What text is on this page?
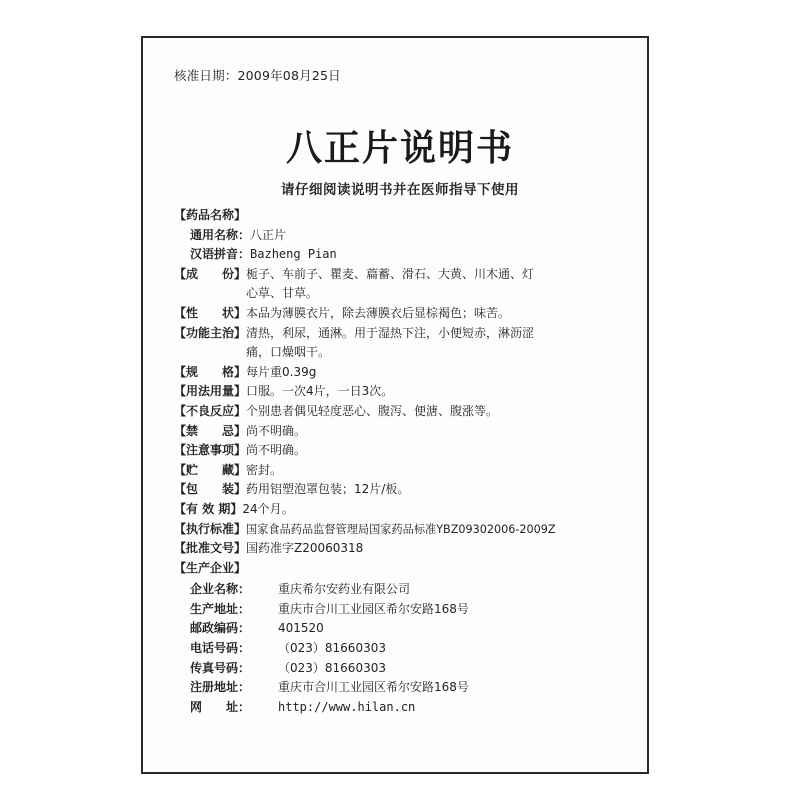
核准日期：2009年08月25日
八正片说明书
请仔细阅读说明书并在医师指导下使用
【药品名称】
通用名称： 八正片
汉语拼音： Bazheng Pian
【成　　份】 栀子、车前子、瞿麦、萹蓄、滑石、大黄、川木通、灯
心草、甘草。
【性　　状】 本品为薄膜衣片，除去薄膜衣后显棕褐色；味苦。
【功能主治】 清热，利尿，通淋。用于湿热下注，小便短赤，淋沥涩
痛，口燥咽干。
【规　　格】 每片重0.39g
【用法用量】 口服。一次4片，一日3次。
【不良反应】 个别患者偶见轻度恶心、腹泻、便溏、腹涨等。
【禁　　忌】 尚不明确。
【注意事项】 尚不明确。
【贮　　藏】 密封。
【包　　装】 药用铝塑泡罩包装；12片/板。
【有 效 期】 24个月。
【执行标准】 国家食品药品监督管理局国家药品标准YBZ09302006-2009Z
【批准文号】 国药准字Z20060318
【生产企业】
企业名称：	重庆希尔安药业有限公司
生产地址：	重庆市合川工业园区希尔安路168号
邮政编码：	401520
电话号码：	（023）81660303
传真号码：	（023）81660303
注册地址：	重庆市合川工业园区希尔安路168号
网　　址：	http://www.hilan.cn
